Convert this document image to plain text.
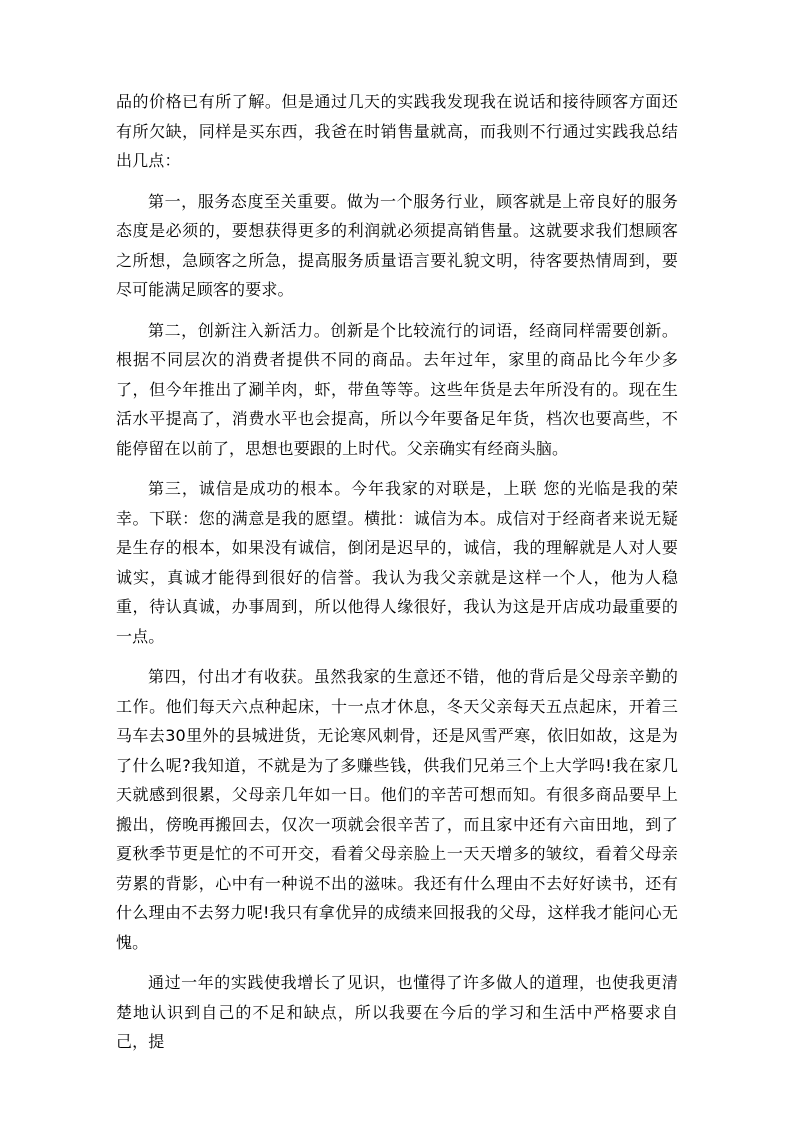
品的价格已有所了解。但是通过几天的实践我发现我在说话和接待顾客方面还有所欠缺，同样是买东西，我爸在时销售量就高，而我则不行通过实践我总结出几点：

第一，服务态度至关重要。做为一个服务行业，顾客就是上帝良好的服务态度是必须的，要想获得更多的利润就必须提高销售量。这就要求我们想顾客之所想，急顾客之所急，提高服务质量语言要礼貌文明，待客要热情周到，要尽可能满足顾客的要求。

第二，创新注入新活力。创新是个比较流行的词语，经商同样需要创新。根据不同层次的消费者提供不同的商品。去年过年，家里的商品比今年少多了，但今年推出了涮羊肉，虾，带鱼等等。这些年货是去年所没有的。现在生活水平提高了，消费水平也会提高，所以今年要备足年货，档次也要高些，不能停留在以前了，思想也要跟的上时代。父亲确实有经商头脑。

第三，诚信是成功的根本。今年我家的对联是，上联 您的光临是我的荣幸。下联：您的满意是我的愿望。横批：诚信为本。成信对于经商者来说无疑是生存的根本，如果没有诚信，倒闭是迟早的，诚信，我的理解就是人对人要诚实，真诚才能得到很好的信誉。我认为我父亲就是这样一个人，他为人稳重，待认真诚，办事周到，所以他得人缘很好，我认为这是开店成功最重要的一点。

第四，付出才有收获。虽然我家的生意还不错，他的背后是父母亲辛勤的工作。他们每天六点种起床，十一点才休息，冬天父亲每天五点起床，开着三马车去30里外的县城进货，无论寒风刺骨，还是风雪严寒，依旧如故，这是为了什么呢?我知道，不就是为了多赚些钱，供我们兄弟三个上大学吗!我在家几天就感到很累，父母亲几年如一日。他们的辛苦可想而知。有很多商品要早上搬出，傍晚再搬回去，仅次一项就会很辛苦了，而且家中还有六亩田地，到了夏秋季节更是忙的不可开交，看着父母亲脸上一天天增多的皱纹，看着父母亲劳累的背影，心中有一种说不出的滋味。我还有什么理由不去好好读书，还有什么理由不去努力呢!我只有拿优异的成绩来回报我的父母，这样我才能问心无愧。

通过一年的实践使我增长了见识，也懂得了许多做人的道理，也使我更清楚地认识到自己的不足和缺点，所以我要在今后的学习和生活中严格要求自己，提
